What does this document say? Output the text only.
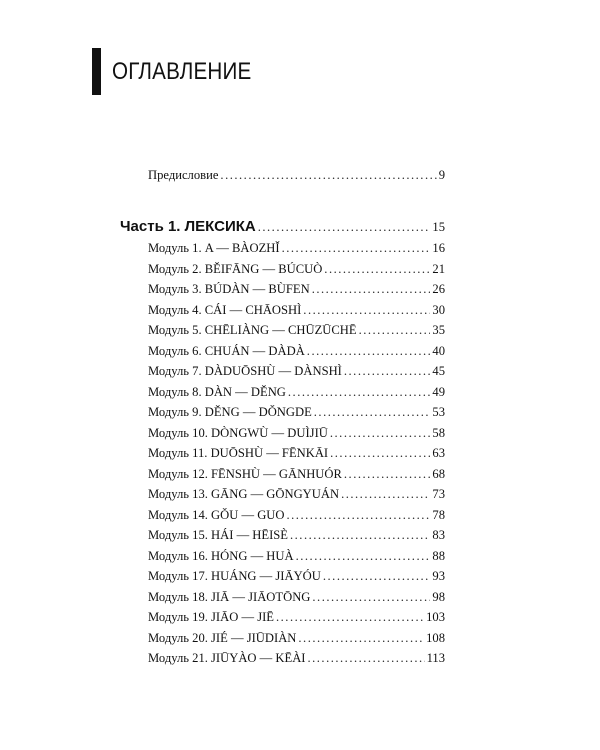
ОГЛАВЛЕНИЕ
Предисловие .....	9
Часть 1. ЛЕКСИКА .....	15
Модуль 1. A — BÀOZHǏ .....	16
Модуль 2. BĚIFĀNG — BÚCUÒ .....	21
Модуль 3. BÚDÀN — BÙFEN .....	26
Модуль 4. CÁI — CHĀOSHÌ .....	30
Модуль 5. CHĒLIÀNG — CHŪZŪCHĒ .....	35
Модуль 6. CHUÁN — DÀDÀ .....	40
Модуль 7. DÀDUŌSHÙ — DÀNSHÌ .....	45
Модуль 8. DÀN — DĚNG .....	49
Модуль 9. DĚNG — DǑNGDE .....	53
Модуль 10. DÒNGWÙ — DUÌJIŪ .....	58
Модуль 11. DUŌSHÙ — FĒNKĀI .....	63
Модуль 12. FĒNSHÙ — GĀNHUÓR .....	68
Модуль 13. GĀNG — GŌNGYUÁN .....	73
Модуль 14. GǑU — GUO .....	78
Модуль 15. HÁI — HĒISÈ .....	83
Модуль 16. HÓNG — HUÀ .....	88
Модуль 17. HUÁNG — JIĀYÓU .....	93
Модуль 18. JIĀ — JIĀOTŌNG .....	98
Модуль 19. JIĀO — JIĒ .....	103
Модуль 20. JIÉ — JIŪDIÀN .....	108
Модуль 21. JIŪYÀO — KĒÀI .....	113
